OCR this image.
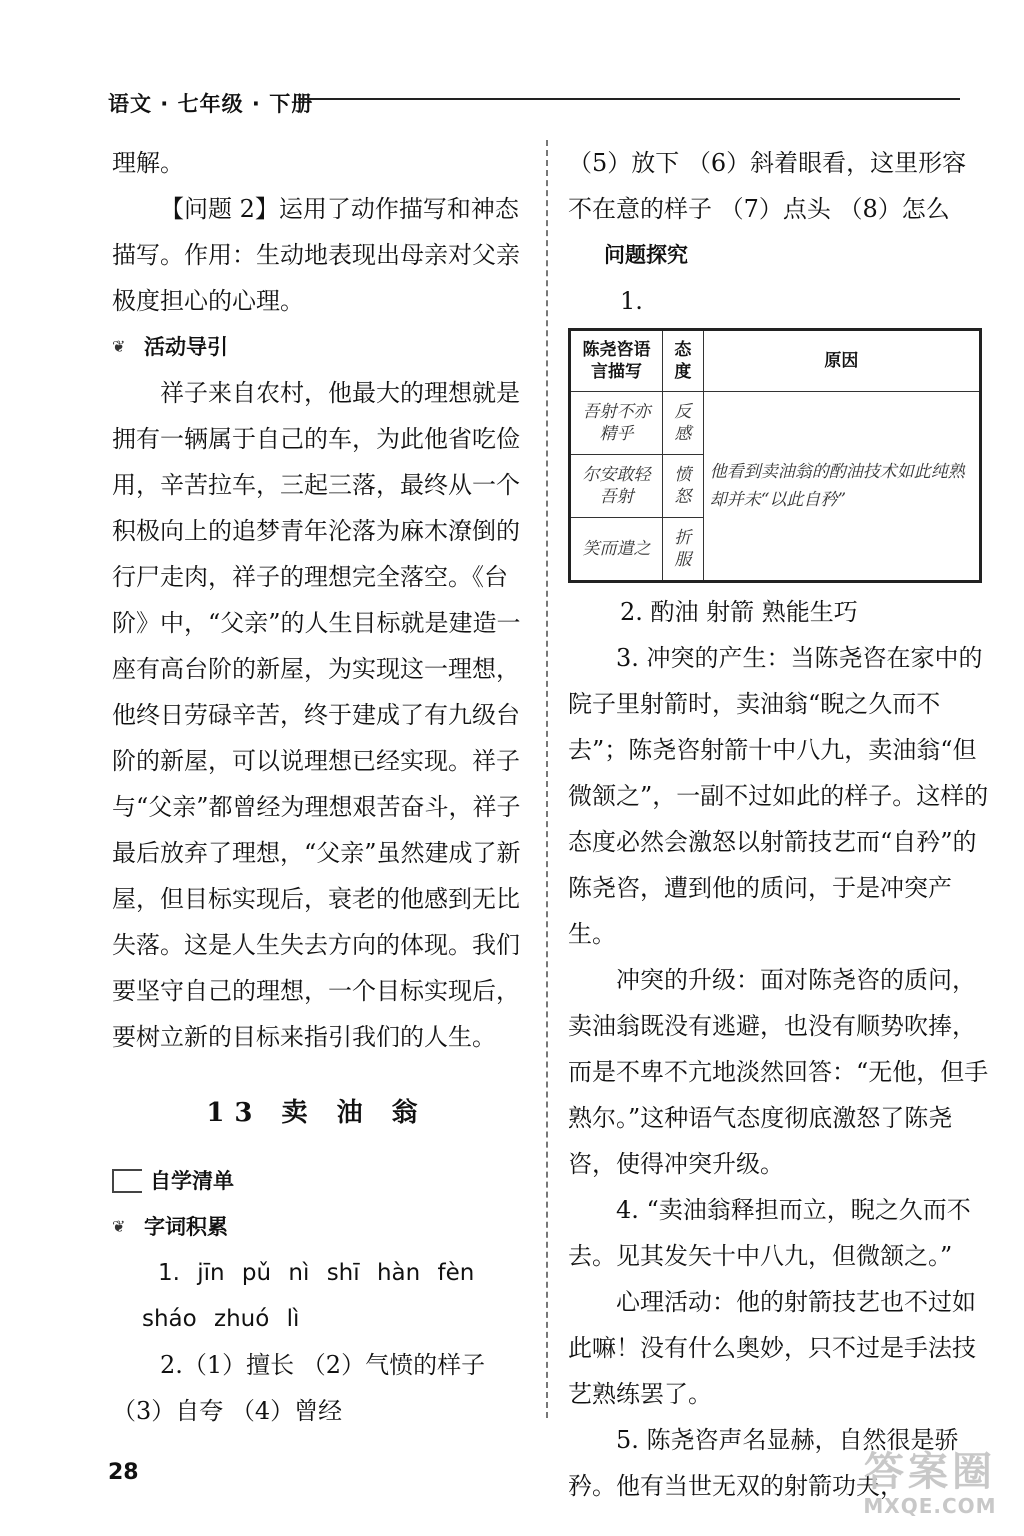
语文 · 七年级 · 下册

理解。

【问题 2】运用了动作描写和神态描写。作用：生动地表现出母亲对父亲极度担心的心理。

❦ 活动导引

祥子来自农村，他最大的理想就是拥有一辆属于自己的车，为此他省吃俭用，辛苦拉车，三起三落，最终从一个积极向上的追梦青年沦落为麻木潦倒的行尸走肉，祥子的理想完全落空。《台阶》中，“父亲”的人生目标就是建造一座有高台阶的新屋，为实现这一理想，他终日劳碌辛苦，终于建成了有九级台阶的新屋，可以说理想已经实现。祥子与“父亲”都曾经为理想艰苦奋斗，祥子最后放弃了理想，“父亲”虽然建成了新屋，但目标实现后，衰老的他感到无比失落。这是人生失去方向的体现。我们要坚守自己的理想，一个目标实现后，要树立新的目标来指引我们的人生。

13 卖 油 翁
自学清单
❦ 字词积累

1. jīn pǔ nì shī hàn fèn

sháo zhuó lì

2.（1）擅长 （2）气愤的样子 （3）自夸 （4）曾经

（5）放下 （6）斜着眼看，这里形容不在意的样子 （7）点头 （8）怎么

问题探究

1.

陈尧咨语言描写	态度	原因
吾射不亦精乎	反感	他看到卖油翁的酌油技术如此纯熟却并未“以此自矜”
尔安敢轻吾射	愤怒	
笑而遣之	折服	

2. 酌油 射箭 熟能生巧

3. 冲突的产生：当陈尧咨在家中的院子里射箭时，卖油翁“睨之久而不去”；陈尧咨射箭十中八九，卖油翁“但微颔之”，一副不过如此的样子。这样的态度必然会激怒以射箭技艺而“自矜”的陈尧咨，遭到他的质问，于是冲突产生。

冲突的升级：面对陈尧咨的质问，卖油翁既没有逃避，也没有顺势吹捧，而是不卑不亢地淡然回答：“无他，但手熟尔。”这种语气态度彻底激怒了陈尧咨，使得冲突升级。

4. “卖油翁释担而立，睨之久而不去。见其发矢十中八九，但微颔之。”

心理活动：他的射箭技艺也不过如此嘛！没有什么奥妙，只不过是手法技艺熟练罢了。

5. 陈尧咨声名显赫，自然很是骄矜。他有当世无双的射箭功夫，

28	答案圈
MXQE.COM
